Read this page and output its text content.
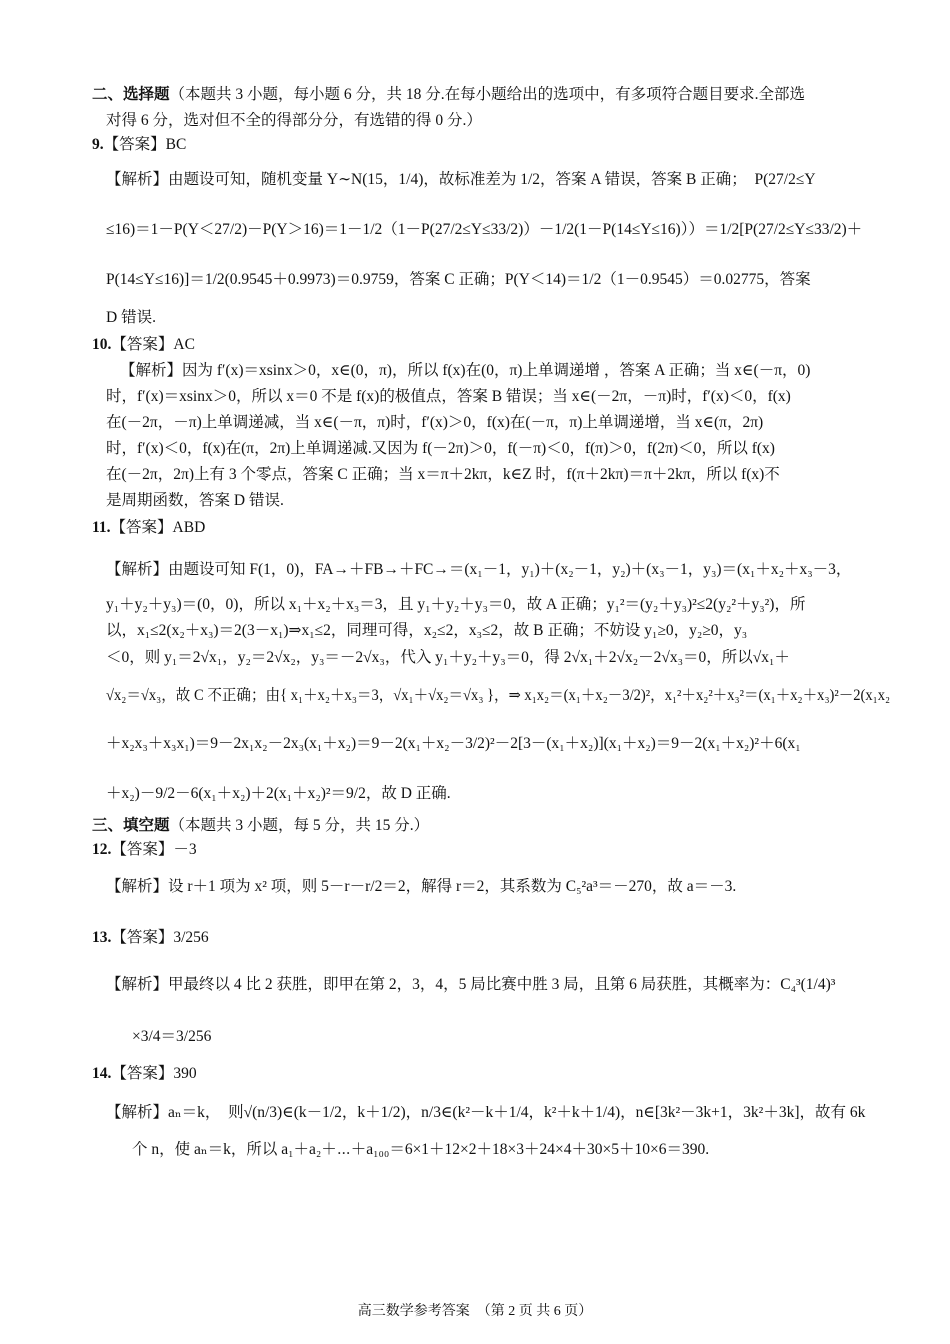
二、选择题（本题共 3 小题，每小题 6 分，共 18 分.在每小题给出的选项中，有多项符合题目要求.全部选
对得 6 分，选对但不全的得部分分，有选错的得 0 分.）
9.【答案】BC
【解析】由题设可知，随机变量 Y∼N(15，1/4)，故标准差为 1/2，答案 A 错误，答案 B 正确；　P(27/2≤Y
≤16)＝1－P(Y＜27/2)－P(Y＞16)＝1－1/2（1－P(27/2≤Y≤33/2)）－1/2(1－P(14≤Y≤16)））＝1/2[P(27/2≤Y≤33/2)＋
P(14≤Y≤16)]＝1/2(0.9545＋0.9973)＝0.9759，答案 C 正确；P(Y＜14)＝1/2（1－0.9545）＝0.02775，答案
D 错误.
10.【答案】AC
【解析】因为 f′(x)＝xsinx＞0，x∈(0，π)，所以 f(x)在(0，π)上单调递增 ，答案 A 正确；当 x∈(－π，0)
时，f′(x)＝xsinx＞0，所以 x＝0 不是 f(x)的极值点，答案 B 错误；当 x∈(－2π，－π)时，f′(x)＜0，f(x)
在(－2π，－π)上单调递减，当 x∈(－π，π)时，f′(x)＞0，f(x)在(－π，π)上单调递增，当 x∈(π，2π)
时，f′(x)＜0，f(x)在(π，2π)上单调递减.又因为 f(－2π)＞0，f(－π)＜0，f(π)＞0，f(2π)＜0，所以 f(x)
在(－2π，2π)上有 3 个零点，答案 C 正确；当 x＝π＋2kπ，k∈Z 时，f(π＋2kπ)＝π＋2kπ，所以 f(x)不
是周期函数，答案 D 错误.
11.【答案】ABD
【解析】由题设可知 F(1，0)，FA→＋FB→＋FC→＝(x₁－1，y₁)＋(x₂－1，y₂)＋(x₃－1，y₃)＝(x₁＋x₂＋x₃－3，
y₁＋y₂＋y₃)＝(0，0)，所以 x₁＋x₂＋x₃＝3，且 y₁＋y₂＋y₃＝0，故 A 正确；y₁²＝(y₂＋y₃)²≤2(y₂²＋y₃²)，所
以，x₁≤2(x₂＋x₃)＝2(3－x₁)⇒x₁≤2，同理可得，x₂≤2，x₃≤2，故 B 正确；不妨设 y₁≥0，y₂≥0，y₃
＜0，则 y₁＝2√x₁，y₂＝2√x₂，y₃＝－2√x₃，代入 y₁＋y₂＋y₃＝0，得 2√x₁＋2√x₂－2√x₃＝0，所以√x₁＋
√x₂＝√x₃，故 C 不正确；由{ x₁＋x₂＋x₃＝3，√x₁＋√x₂＝√x₃ }，⇒ x₁x₂＝(x₁＋x₂－3/2)²，x₁²＋x₂²＋x₃²＝(x₁＋x₂＋x₃)²－2(x₁x₂
＋x₂x₃＋x₃x₁)＝9－2x₁x₂－2x₃(x₁＋x₂)＝9－2(x₁＋x₂－3/2)²－2[3－(x₁＋x₂)](x₁＋x₂)＝9－2(x₁＋x₂)²＋6(x₁
＋x₂)－9/2－6(x₁＋x₂)＋2(x₁＋x₂)²＝9/2，故 D 正确.
三、填空题（本题共 3 小题，每 5 分，共 15 分.）
12.【答案】－3
【解析】设 r＋1 项为 x² 项，则 5－r－r/2＝2，解得 r＝2，其系数为 C₅²a³＝－270，故 a＝－3.
13.【答案】3/256
【解析】甲最终以 4 比 2 获胜，即甲在第 2，3，4，5 局比赛中胜 3 局，且第 6 局获胜，其概率为：C₄³(1/4)³
×3/4＝3/256
14.【答案】390
【解析】aₙ＝k，　则√(n/3)∈(k－1/2，k＋1/2)，n/3∈(k²－k＋1/4，k²＋k＋1/4)，n∈[3k²－3k+1，3k²＋3k]，故有 6k
个 n，使 aₙ＝k，所以 a₁＋a₂＋⋯＋a₁₀₀＝6×1＋12×2＋18×3＋24×4＋30×5＋10×6＝390.
高三数学参考答案　（第 2 页 共 6 页）
